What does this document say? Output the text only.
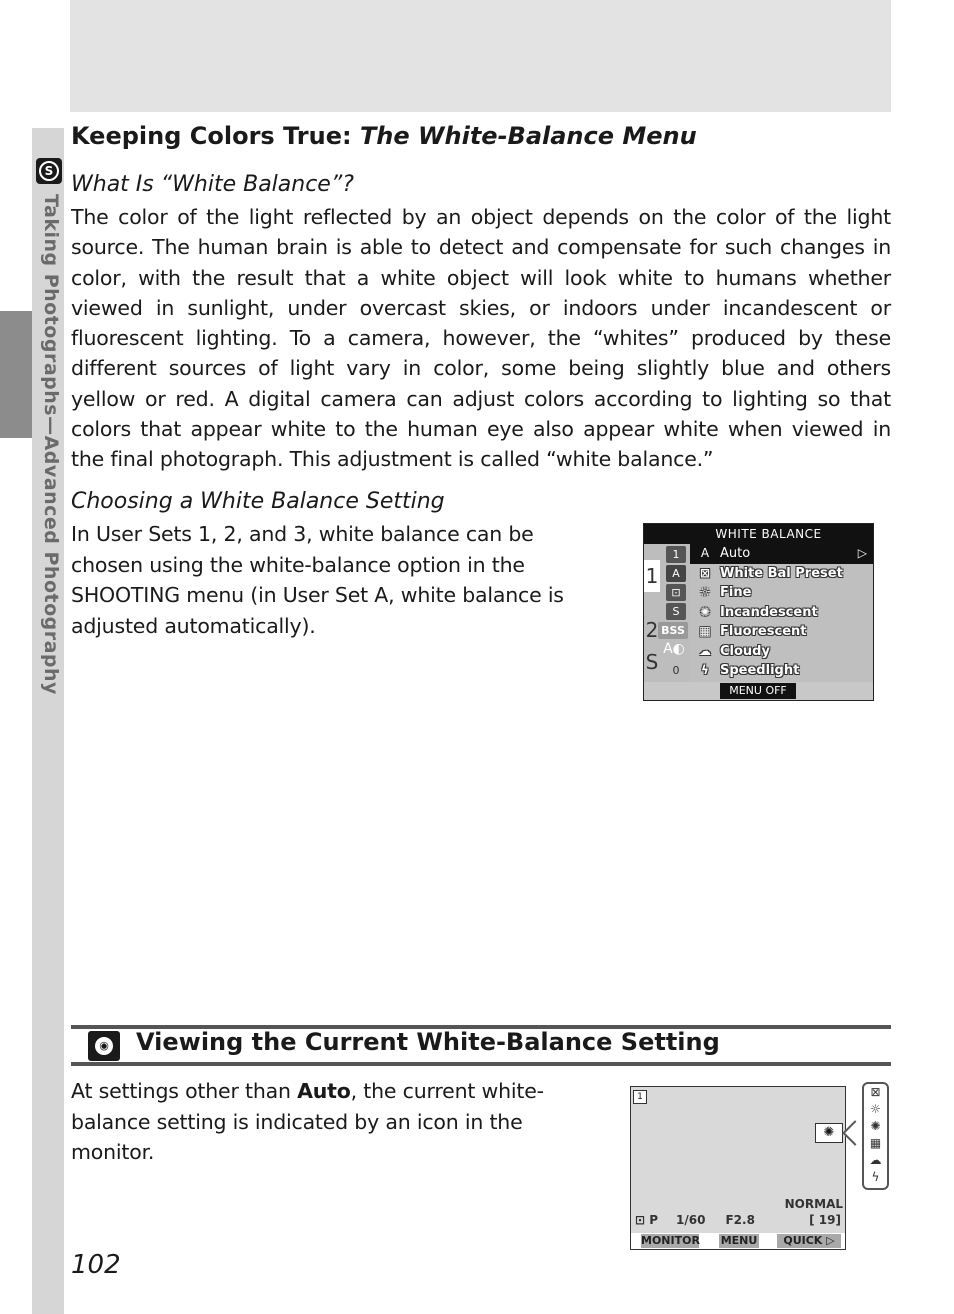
S
Taking Photographs—Advanced Photography
Keeping Colors True: The White-Balance Menu
What Is “White Balance”?
The color of the light reflected by an object depends on the color of the light source. The human brain is able to detect and compensate for such changes in color, with the result that a white object will look white to humans whether viewed in sunlight, under overcast skies, or indoors under incandescent or fluorescent lighting. To a camera, however, the “whites” produced by these different sources of light vary in color, some being slightly blue and others yellow or red. A digital camera can adjust colors according to lighting so that colors that appear white to the human eye also appear white when viewed in the final photograph. This adjustment is called “white balance.”
Choosing a White Balance Setting
In User Sets 1, 2, and 3, white balance can be chosen using the white-balance option in the SHOOTING menu (in User Set A, white balance is adjusted automatically).
WHITE BALANCE
1
2
S
1
A
⊡
S
BSS
A◐
0
A Auto	▷
⊠ White Bal Preset
☼ Fine
✺ Incandescent
▦ Fluorescent
☁ Cloudy
ϟ Speedlight
MENU OFF
◉ Viewing the Current White-Balance Setting
At settings other than Auto, the current white-balance setting is indicated by an icon in the monitor.
1
✺
NORMAL
⊡ P 1/60 F2.8	[ 19]
MONITOR MENU	QUICK ▷
⊠
☼
✺
▦
☁
ϟ
102
